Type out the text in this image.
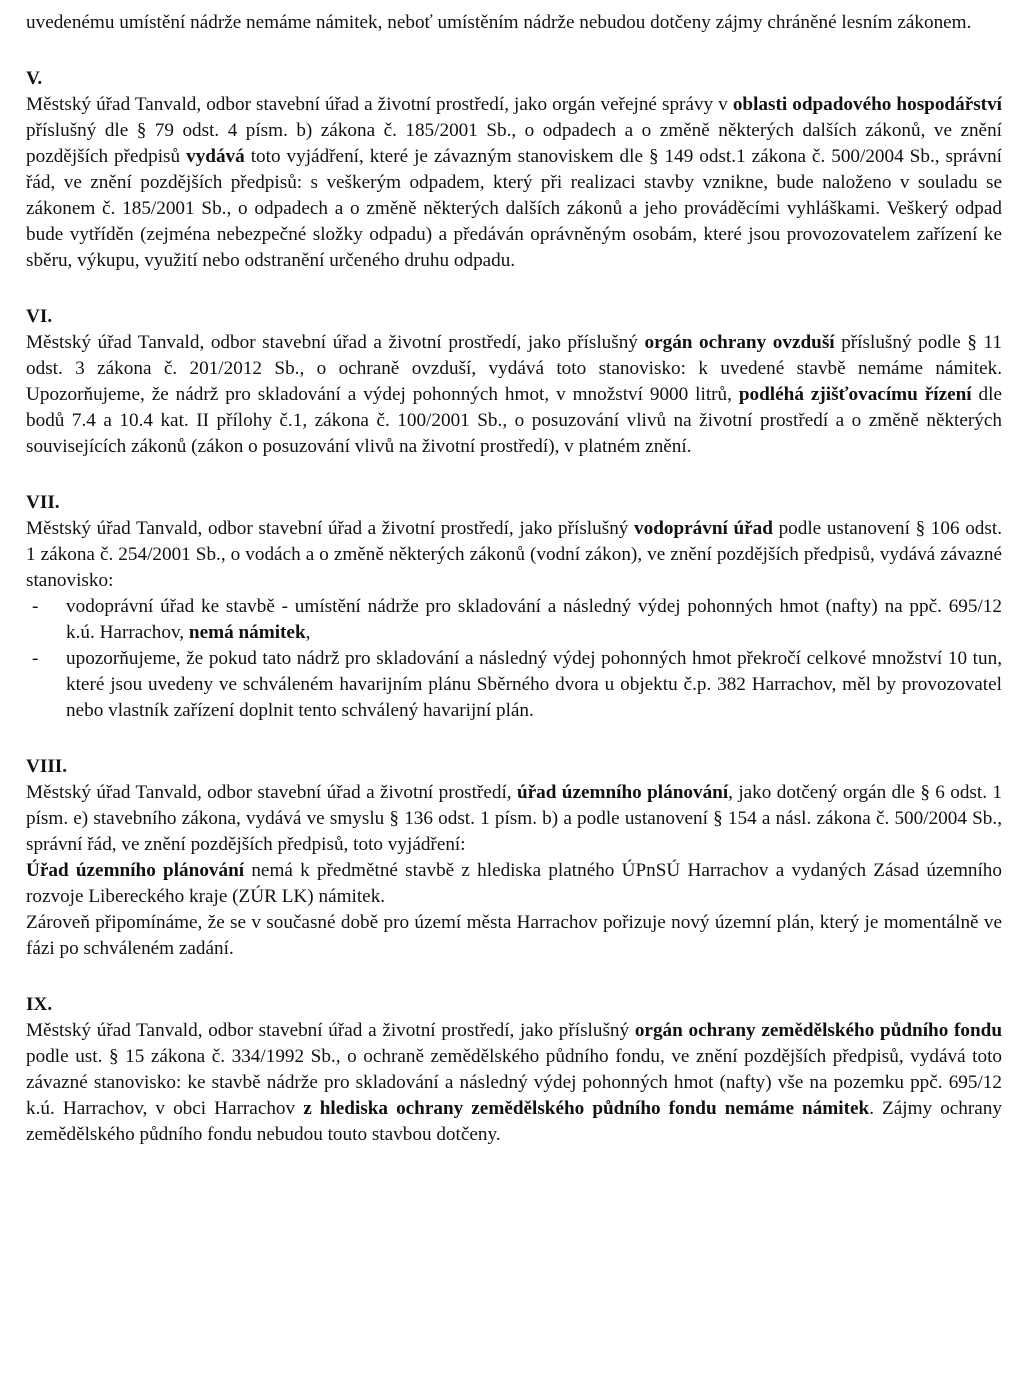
uvedenému umístění nádrže nemáme námitek, neboť umístěním nádrže nebudou dotčeny zájmy chráněné lesním zákonem.

V.

Městský úřad Tanvald, odbor stavební úřad a životní prostředí, jako orgán veřejné správy v oblasti odpadového hospodářství příslušný dle § 79 odst. 4 písm. b) zákona č. 185/2001 Sb., o odpadech a o změně některých dalších zákonů, ve znění pozdějších předpisů vydává toto vyjádření, které je závazným stanoviskem dle § 149 odst.1 zákona č. 500/2004 Sb., správní řád, ve znění pozdějších předpisů: s veškerým odpadem, který při realizaci stavby vznikne, bude naloženo v souladu se zákonem č. 185/2001 Sb., o odpadech a o změně některých dalších zákonů a jeho prováděcími vyhláškami. Veškerý odpad bude vytříděn (zejména nebezpečné složky odpadu) a předáván oprávněným osobám, které jsou provozovatelem zařízení ke sběru, výkupu, využití nebo odstranění určeného druhu odpadu.

VI.

Městský úřad Tanvald, odbor stavební úřad a životní prostředí, jako příslušný orgán ochrany ovzduší příslušný podle § 11 odst. 3 zákona č. 201/2012 Sb., o ochraně ovzduší, vydává toto stanovisko: k uvedené stavbě nemáme námitek. Upozorňujeme, že nádrž pro skladování a výdej pohonných hmot, v množství 9000 litrů, podléhá zjišťovacímu řízení dle bodů 7.4 a 10.4 kat. II přílohy č.1, zákona č. 100/2001 Sb., o posuzování vlivů na životní prostředí a o změně některých souvisejících zákonů (zákon o posuzování vlivů na životní prostředí), v platném znění.

VII.

Městský úřad Tanvald, odbor stavební úřad a životní prostředí, jako příslušný vodoprávní úřad podle ustanovení § 106 odst. 1 zákona č. 254/2001 Sb., o vodách a o změně některých zákonů (vodní zákon), ve znění pozdějších předpisů, vydává závazné stanovisko:

- vodoprávní úřad ke stavbě - umístění nádrže pro skladování a následný výdej pohonných hmot (nafty) na ppč. 695/12 k.ú. Harrachov, nemá námitek,
- upozorňujeme, že pokud tato nádrž pro skladování a následný výdej pohonných hmot překročí celkové množství 10 tun, které jsou uvedeny ve schváleném havarijním plánu Sběrného dvora u objektu č.p. 382 Harrachov, měl by provozovatel nebo vlastník zařízení doplnit tento schválený havarijní plán.

VIII.

Městský úřad Tanvald, odbor stavební úřad a životní prostředí, úřad územního plánování, jako dotčený orgán dle § 6 odst. 1 písm. e) stavebního zákona, vydává ve smyslu § 136 odst. 1 písm. b) a podle ustanovení § 154 a násl. zákona č. 500/2004 Sb., správní řád, ve znění pozdějších předpisů, toto vyjádření:

Úřad územního plánování nemá k předmětné stavbě z hlediska platného ÚPnSÚ Harrachov a vydaných Zásad územního rozvoje Libereckého kraje (ZÚR LK) námitek.

Zároveň připomínáme, že se v současné době pro území města Harrachov pořizuje nový územní plán, který je momentálně ve fázi po schváleném zadání.

IX.

Městský úřad Tanvald, odbor stavební úřad a životní prostředí, jako příslušný orgán ochrany zemědělského půdního fondu podle ust. § 15 zákona č. 334/1992 Sb., o ochraně zemědělského půdního fondu, ve znění pozdějších předpisů, vydává toto závazné stanovisko: ke stavbě nádrže pro skladování a následný výdej pohonných hmot (nafty) vše na pozemku ppč. 695/12 k.ú. Harrachov, v obci Harrachov z hlediska ochrany zemědělského půdního fondu nemáme námitek. Zájmy ochrany zemědělského půdního fondu nebudou touto stavbou dotčeny.
